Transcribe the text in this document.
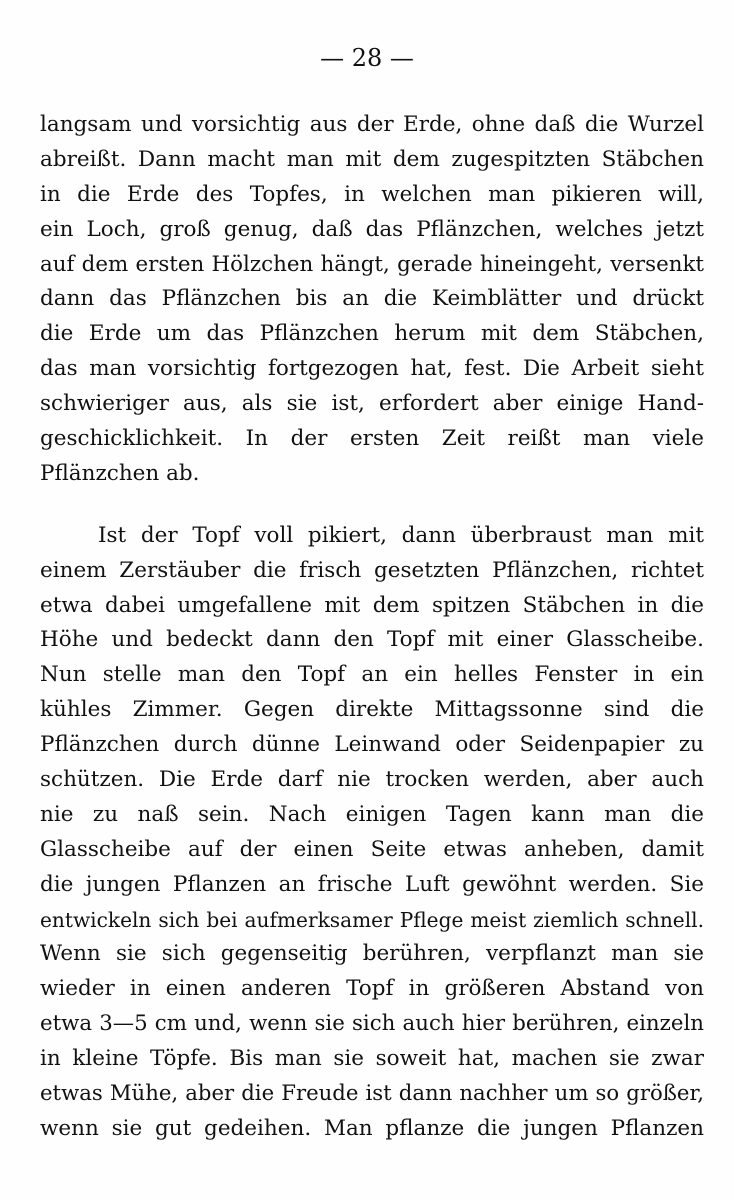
— 28 —
langsam und vorsichtig aus der Erde, ohne daß die Wurzel
abreißt. Dann macht man mit dem zugespitzten Stäbchen
in die Erde des Topfes, in welchen man pikieren will,
ein Loch, groß genug, daß das Pflänzchen, welches jetzt
auf dem ersten Hölzchen hängt, gerade hineingeht, versenkt
dann das Pflänzchen bis an die Keimblätter und drückt
die Erde um das Pflänzchen herum mit dem Stäbchen,
das man vorsichtig fortgezogen hat, fest. Die Arbeit sieht
schwieriger aus, als sie ist, erfordert aber einige Hand-
geschicklichkeit. In der ersten Zeit reißt man viele
Pflänzchen ab.
Ist der Topf voll pikiert, dann überbraust man mit
einem Zerstäuber die frisch gesetzten Pflänzchen, richtet
etwa dabei umgefallene mit dem spitzen Stäbchen in die
Höhe und bedeckt dann den Topf mit einer Glasscheibe.
Nun stelle man den Topf an ein helles Fenster in ein
kühles Zimmer. Gegen direkte Mittagssonne sind die
Pflänzchen durch dünne Leinwand oder Seidenpapier zu
schützen. Die Erde darf nie trocken werden, aber auch
nie zu naß sein. Nach einigen Tagen kann man die
Glasscheibe auf der einen Seite etwas anheben, damit
die jungen Pflanzen an frische Luft gewöhnt werden. Sie
entwickeln sich bei aufmerksamer Pflege meist ziemlich schnell.
Wenn sie sich gegenseitig berühren, verpflanzt man sie
wieder in einen anderen Topf in größeren Abstand von
etwa 3—5 cm und, wenn sie sich auch hier berühren, einzeln
in kleine Töpfe. Bis man sie soweit hat, machen sie zwar
etwas Mühe, aber die Freude ist dann nachher um so größer,
wenn sie gut gedeihen. Man pflanze die jungen Pflanzen
